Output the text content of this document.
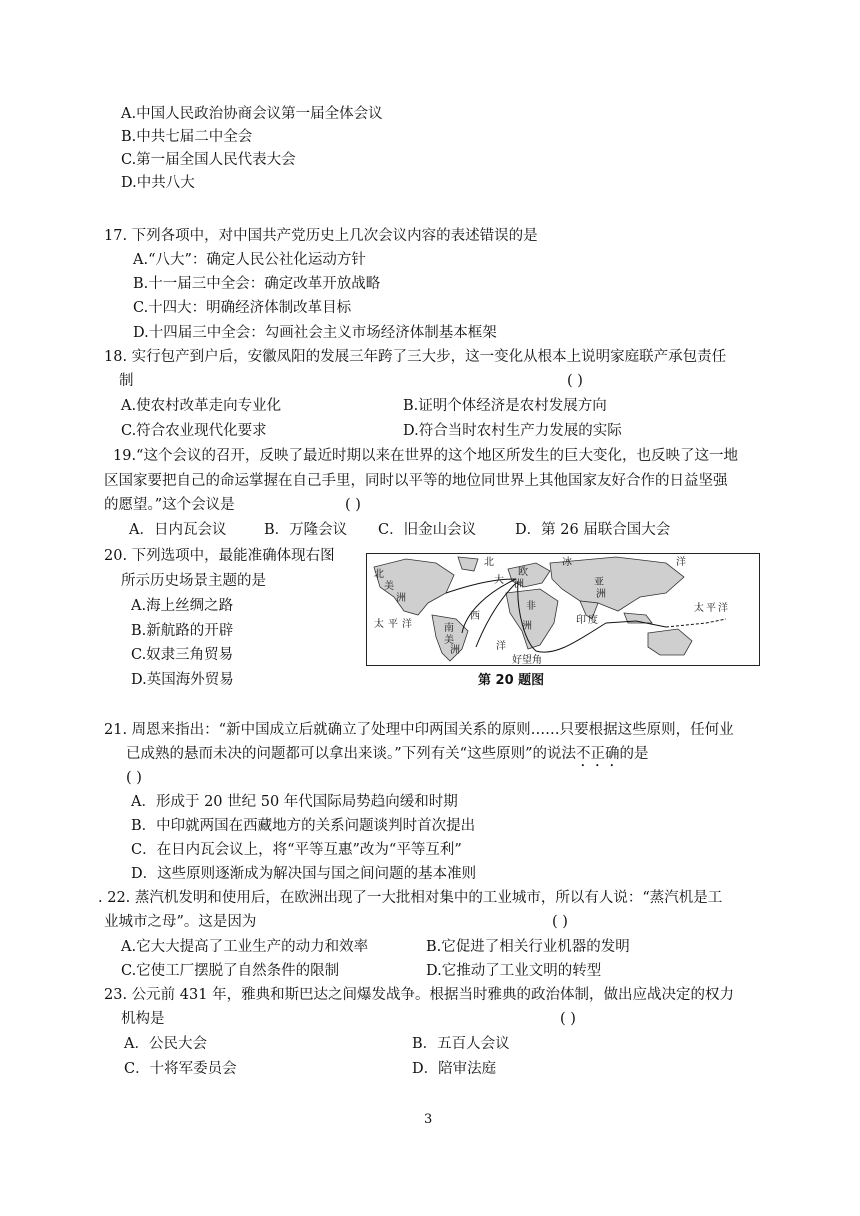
A.中国人民政治协商会议第一届全体会议
B.中共七届二中全会
C.第一届全国人民代表大会
D.中共八大
17. 下列各项中，对中国共产党历史上几次会议内容的表述错误的是
A.“八大”：确定人民公社化运动方针
B.十一届三中全会：确定改革开放战略
C.十四大：明确经济体制改革目标
D.十四届三中全会：勾画社会主义市场经济体制基本框架
18. 实行包产到户后，安徽凤阳的发展三年跨了三大步，这一变化从根本上说明家庭联产承包责任
制	( )
A.使农村改革走向专业化	B.证明个体经济是农村发展方向
C.符合农业现代化要求	D.符合当时农村生产力发展的实际
19.“这个会议的召开，反映了最近时期以来在世界的这个地区所发生的巨大变化，也反映了这一地
区国家要把自己的命运掌握在自己手里，同时以平等的地位同世界上其他国家友好合作的日益坚强
的愿望。”这个会议是	( )
A．日内瓦会议	B．万隆会议 C．旧金山会议	D．第 26 届联合国大会
20. 下列选项中，最能准确体现右图
所示历史场景主题的是
A.海上丝绸之路
B.新航路的开辟
C.奴隶三角贸易
D.英国海外贸易
北	冰	洋
北
美
洲
大
欧
洲	亚
洲
非	太 平 洋
太 平 洋	南
美
洲
西	印 度
洋
好望角
洲
第 20 题图
21. 周恩来指出：“新中国成立后就确立了处理中印两国关系的原则……只要根据这些原则，任何业
已成熟的悬而未决的问题都可以拿出来谈。”下列有关“这些原则”的说法不正确的是
( )
A．形成于 20 世纪 50 年代国际局势趋向缓和时期
B．中印就两国在西藏地方的关系问题谈判时首次提出
C．在日内瓦会议上，将“平等互惠”改为“平等互利”
D．这些原则逐渐成为解决国与国之间问题的基本准则
. 22. 蒸汽机发明和使用后，在欧洲出现了一大批相对集中的工业城市，所以有人说：“蒸汽机是工
业城市之母”。这是因为	( )
A.它大大提高了工业生产的动力和效率	B.它促进了相关行业机器的发明
C.它使工厂摆脱了自然条件的限制	D.它推动了工业文明的转型
23. 公元前 431 年，雅典和斯巴达之间爆发战争。根据当时雅典的政治体制，做出应战决定的权力
机构是	( )
A．公民大会	B．五百人会议
C．十将军委员会	D．陪审法庭
3
